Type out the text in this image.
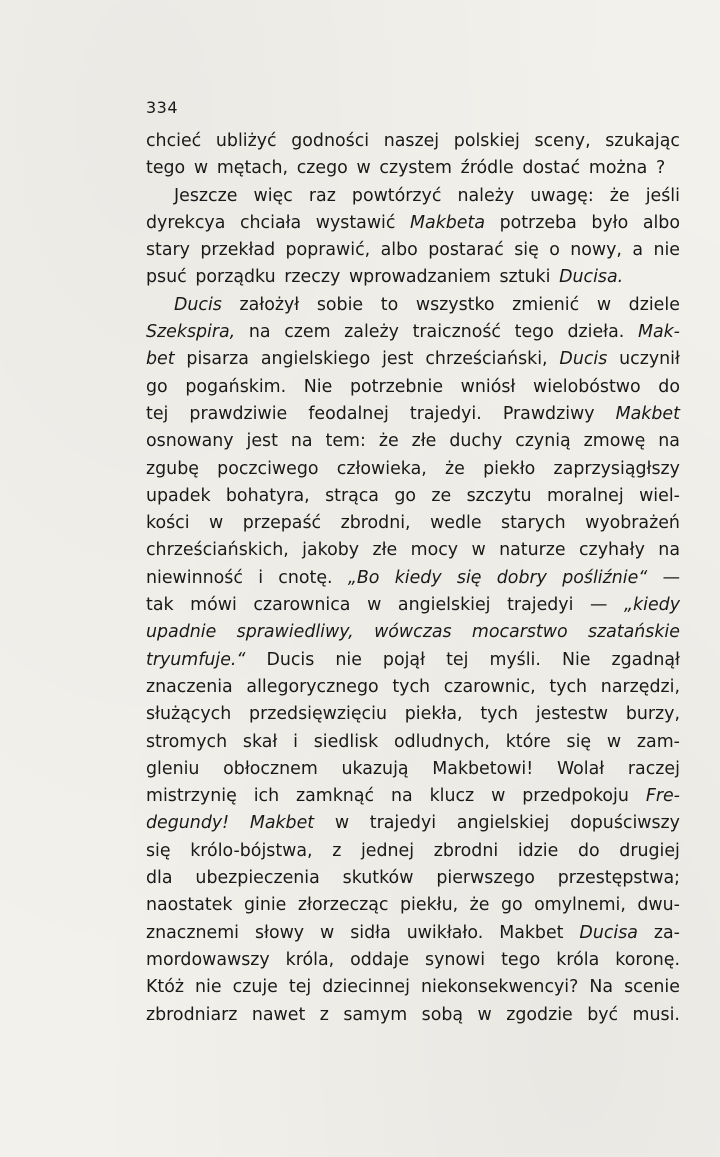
334
chcieć ubliżyć godności naszej polskiej sceny, szukając
tego w mętach, czego w czystem źródle dostać można ?
Jeszcze więc raz powtórzyć należy uwagę: że jeśli
dyrekcya chciała wystawić Makbeta potrzeba było albo
stary przekład poprawić, albo postarać się o nowy, a nie
psuć porządku rzeczy wprowadzaniem sztuki Ducisa.
Ducis założył sobie to wszystko zmienić w dziele
Szekspira, na czem zależy traiczność tego dzieła. Mak-
bet pisarza angielskiego jest chrześciański, Ducis uczynił
go pogańskim. Nie potrzebnie wniósł wielobóstwo do
tej prawdziwie feodalnej trajedyi. Prawdziwy Makbet
osnowany jest na tem: że złe duchy czynią zmowę na
zgubę poczciwego człowieka, że piekło zaprzysiągłszy
upadek bohatyra, strąca go ze szczytu moralnej wiel-
kości w przepaść zbrodni, wedle starych wyobrażeń
chrześciańskich, jakoby złe mocy w naturze czyhały na
niewinność i cnotę. „Bo kiedy się dobry pośliźnie“ —
tak mówi czarownica w angielskiej trajedyi — „kiedy
upadnie sprawiedliwy, wówczas mocarstwo szatańskie
tryumfuje.“ Ducis nie pojął tej myśli. Nie zgadnął
znaczenia allegorycznego tych czarownic, tych narzędzi,
służących przedsięwzięciu piekła, tych jestestw burzy,
stromych skał i siedlisk odludnych, które się w zam-
gleniu obłocznem ukazują Makbetowi! Wolał raczej
mistrzynię ich zamknąć na klucz w przedpokoju Fre-
degundy! Makbet w trajedyi angielskiej dopuściwszy
się królo-bójstwa, z jednej zbrodni idzie do drugiej
dla ubezpieczenia skutków pierwszego przestępstwa;
naostatek ginie złorzecząc piekłu, że go omylnemi, dwu-
znacznemi słowy w sidła uwikłało. Makbet Ducisa za-
mordowawszy króla, oddaje synowi tego króla koronę.
Któż nie czuje tej dziecinnej niekonsekwencyi? Na scenie
zbrodniarz nawet z samym sobą w zgodzie być musi.
